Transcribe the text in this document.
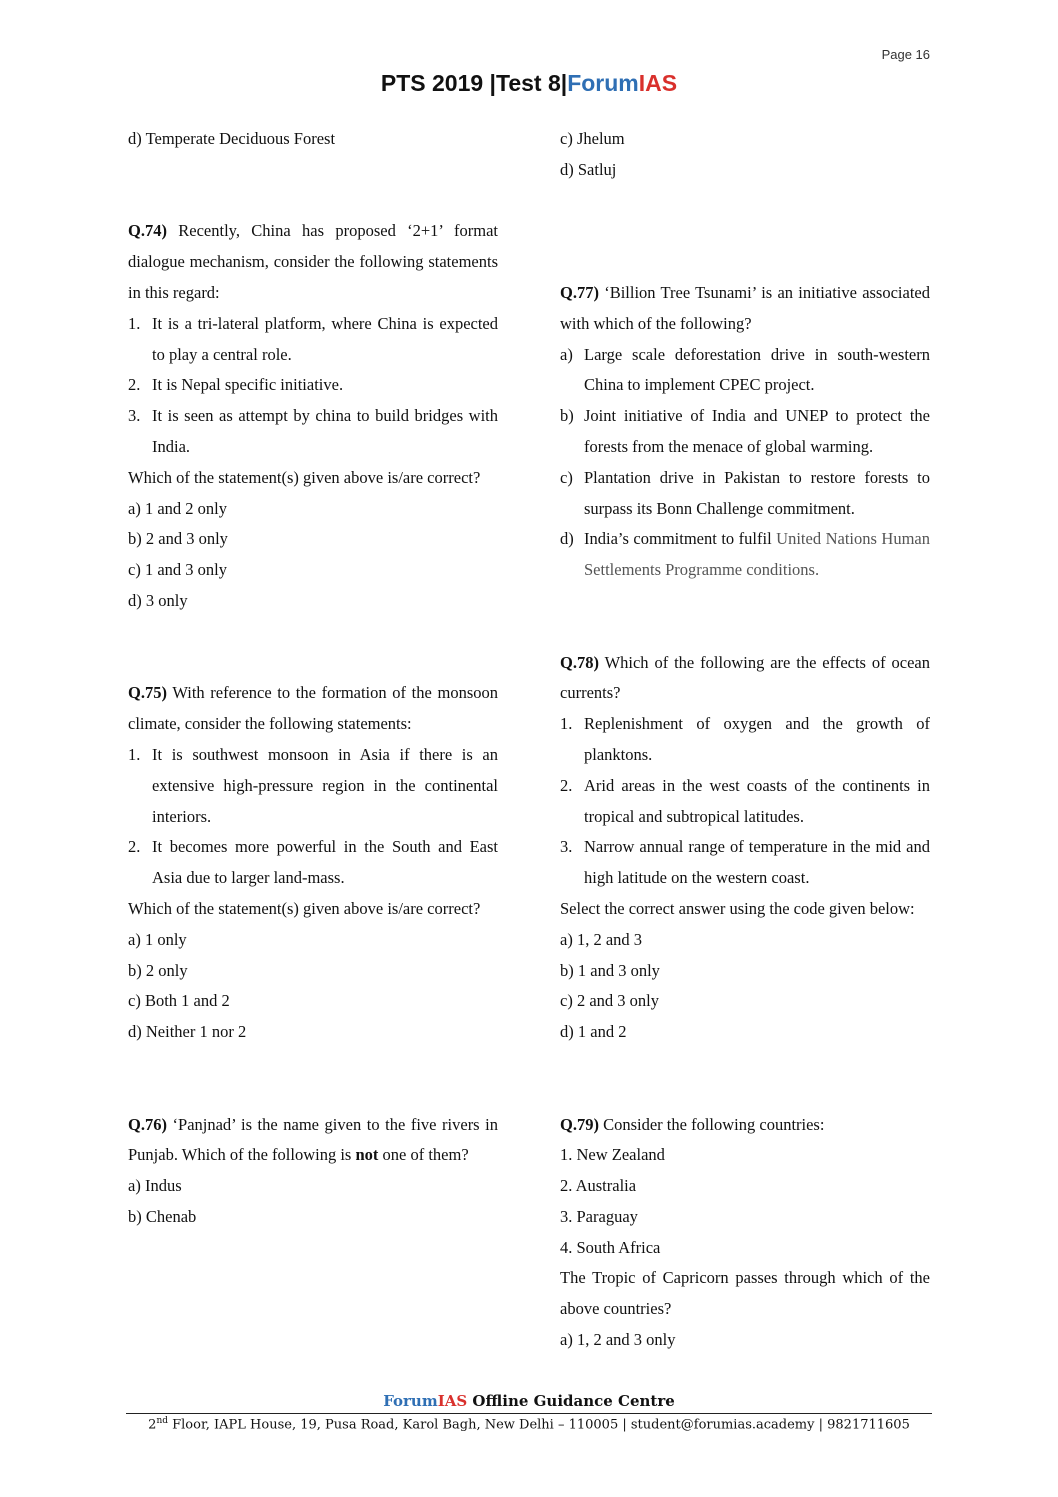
Page 16
PTS 2019 |Test 8|ForumIAS

d) Temperate Deciduous Forest

Q.74) Recently, China has proposed ‘2+1’ format dialogue mechanism, consider the following statements in this regard:

1. It is a tri-lateral platform, where China is expected to play a central role.
2. It is Nepal specific initiative.
3. It is seen as attempt by china to build bridges with India.

Which of the statement(s) given above is/are correct?

a) 1 and 2 only

b) 2 and 3 only

c) 1 and 3 only

d) 3 only

Q.75) With reference to the formation of the monsoon climate, consider the following statements:

1. It is southwest monsoon in Asia if there is an extensive high-pressure region in the continental interiors.
2. It becomes more powerful in the South and East Asia due to larger land-mass.

Which of the statement(s) given above is/are correct?

a) 1 only

b) 2 only

c) Both 1 and 2

d) Neither 1 nor 2

Q.76) ‘Panjnad’ is the name given to the five rivers in Punjab. Which of the following is not one of them?

a) Indus

b) Chenab

c) Jhelum

d) Satluj

Q.77) ‘Billion Tree Tsunami’ is an initiative associated with which of the following?

a) Large scale deforestation drive in south-western China to implement CPEC project.
b) Joint initiative of India and UNEP to protect the forests from the menace of global warming.
c) Plantation drive in Pakistan to restore forests to surpass its Bonn Challenge commitment.
d) India’s commitment to fulfil United Nations Human Settlements Programme conditions.

Q.78) Which of the following are the effects of ocean currents?

1. Replenishment of oxygen and the growth of planktons.
2. Arid areas in the west coasts of the continents in tropical and subtropical latitudes.
3. Narrow annual range of temperature in the mid and high latitude on the western coast.

Select the correct answer using the code given below:

a) 1, 2 and 3

b) 1 and 3 only

c) 2 and 3 only

d) 1 and 2

Q.79) Consider the following countries:

1. New Zealand

2. Australia

3. Paraguay

4. South Africa

The Tropic of Capricorn passes through which of the above countries?

a) 1, 2 and 3 only

ForumIAS Offline Guidance Centre
2nd Floor, IAPL House, 19, Pusa Road, Karol Bagh, New Delhi – 110005 | student@forumias.academy | 9821711605
